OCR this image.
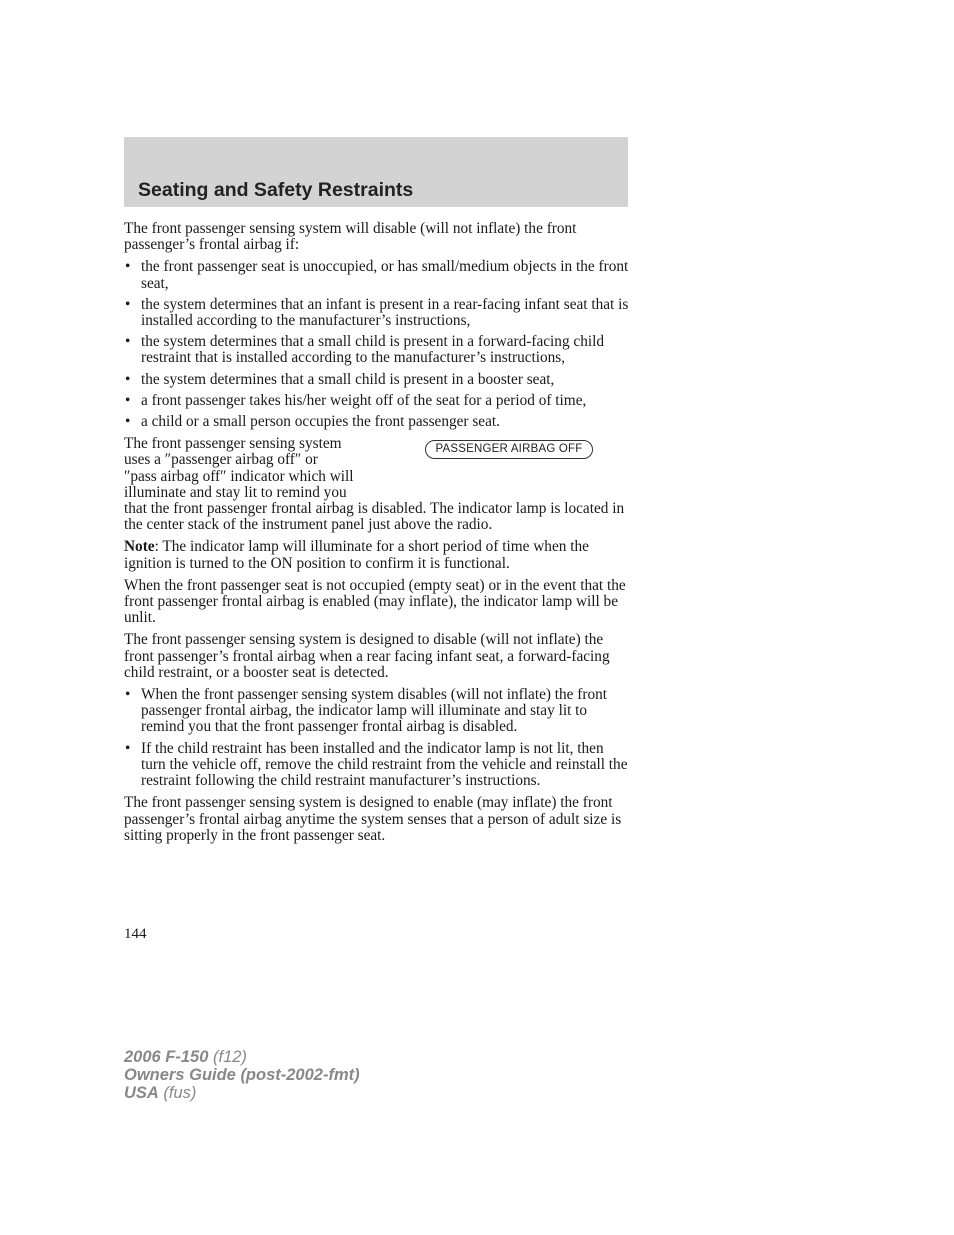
Seating and Safety Restraints

The front passenger sensing system will disable (will not inflate) the front passenger’s frontal airbag if:

• the front passenger seat is unoccupied, or has small/medium objects in the front seat,
• the system determines that an infant is present in a rear-facing infant seat that is installed according to the manufacturer’s instructions,
• the system determines that a small child is present in a forward-facing child restraint that is installed according to the manufacturer’s instructions,
• the system determines that a small child is present in a booster seat,
• a front passenger takes his/her weight off of the seat for a period of time,
• a child or a small person occupies the front passenger seat.

PASSENGER AIRBAG OFF
The front passenger sensing system
uses a ″passenger airbag off″ or
″pass airbag off″ indicator which will
illuminate and stay lit to remind you
that the front passenger frontal airbag is disabled. The indicator lamp is located in the center stack of the instrument panel just above the radio.

Note: The indicator lamp will illuminate for a short period of time when the ignition is turned to the ON position to confirm it is functional.

When the front passenger seat is not occupied (empty seat) or in the event that the front passenger frontal airbag is enabled (may inflate), the indicator lamp will be unlit.

The front passenger sensing system is designed to disable (will not inflate) the front passenger’s frontal airbag when a rear facing infant seat, a forward-facing child restraint, or a booster seat is detected.

• When the front passenger sensing system disables (will not inflate) the front passenger frontal airbag, the indicator lamp will illuminate and stay lit to remind you that the front passenger frontal airbag is disabled.
• If the child restraint has been installed and the indicator lamp is not lit, then turn the vehicle off, remove the child restraint from the vehicle and reinstall the restraint following the child restraint manufacturer’s instructions.

The front passenger sensing system is designed to enable (may inflate) the front passenger’s frontal airbag anytime the system senses that a person of adult size is sitting properly in the front passenger seat.

144
2006 F-150 (f12)
Owners Guide (post-2002-fmt)
USA (fus)
